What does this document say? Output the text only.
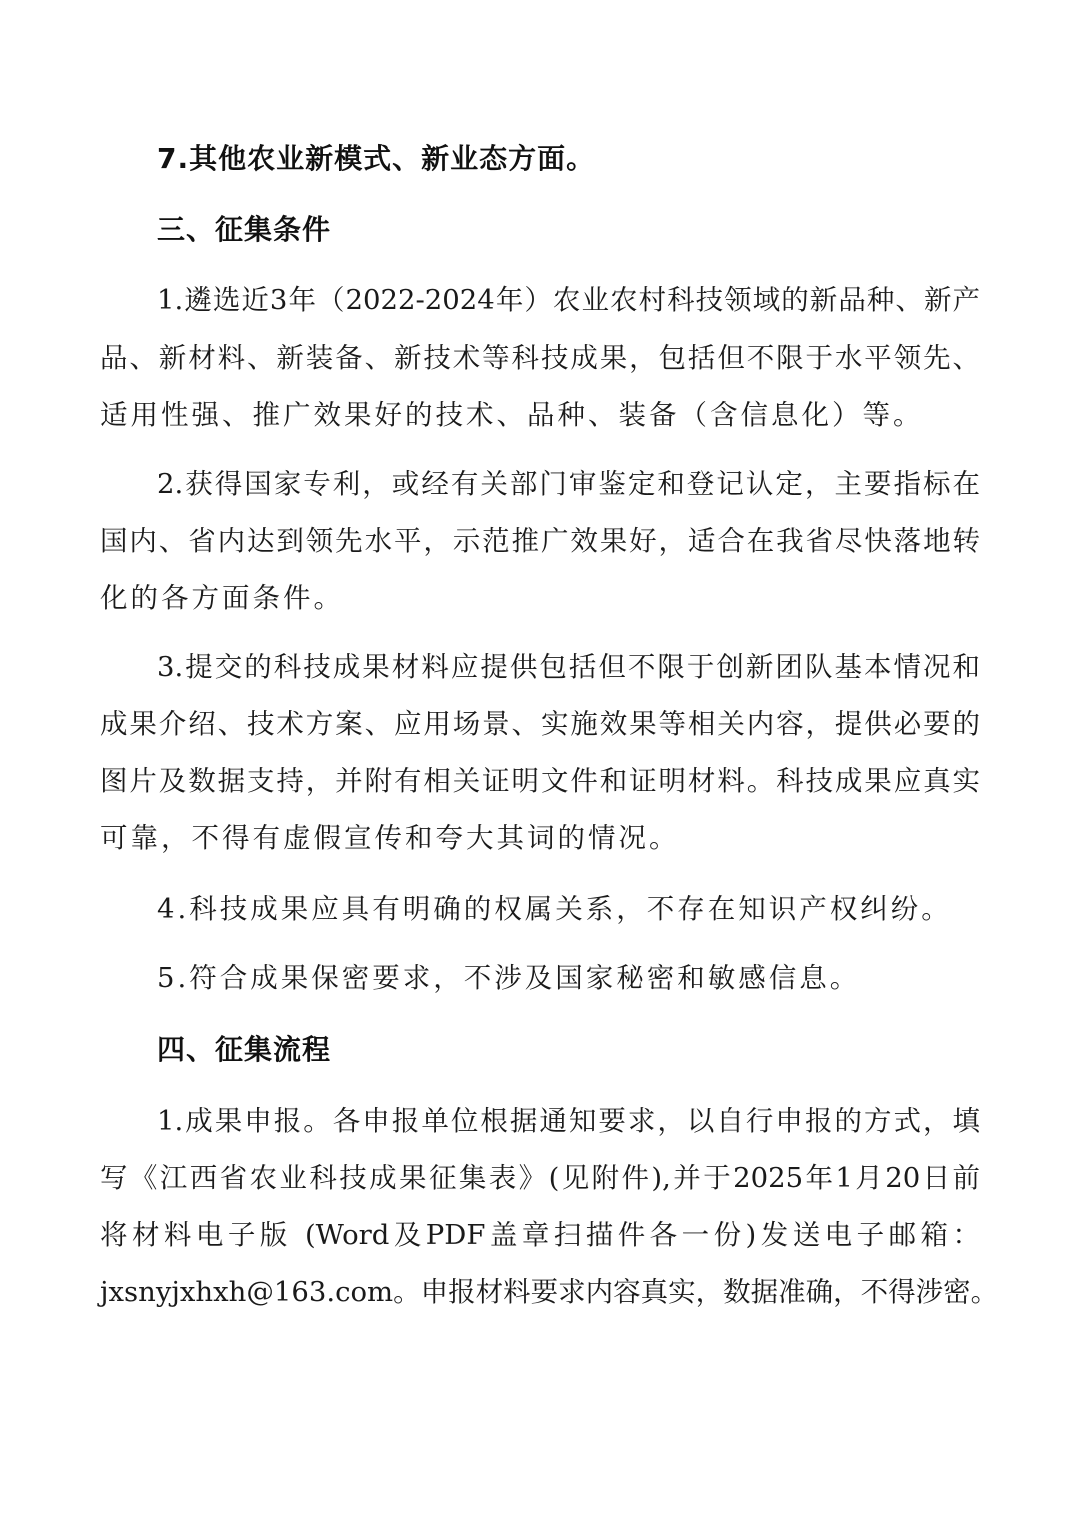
7.其他农业新模式、新业态方面。
三、征集条件
1.遴选近3年（2022-2024年）农业农村科技领域的新品种、新产
品、新材料、新装备、新技术等科技成果，包括但不限于水平领先、
适用性强、推广效果好的技术、品种、装备（含信息化）等。
2.获得国家专利，或经有关部门审鉴定和登记认定，主要指标在
国内、省内达到领先水平，示范推广效果好，适合在我省尽快落地转
化的各方面条件。
3.提交的科技成果材料应提供包括但不限于创新团队基本情况和
成果介绍、技术方案、应用场景、实施效果等相关内容，提供必要的
图片及数据支持，并附有相关证明文件和证明材料。科技成果应真实
可靠，不得有虚假宣传和夸大其词的情况。
4.科技成果应具有明确的权属关系，不存在知识产权纠纷。
5.符合成果保密要求，不涉及国家秘密和敏感信息。
四、征集流程
1.成果申报。各申报单位根据通知要求，以自行申报的方式，填
写《江西省农业科技成果征集表》(见附件),并于2025年1月20日前
将材料电子版 (Word及PDF盖章扫描件各一份)发送电子邮箱：
jxsnyjxhxh@163.com。申报材料要求内容真实，数据准确，不得涉密。
